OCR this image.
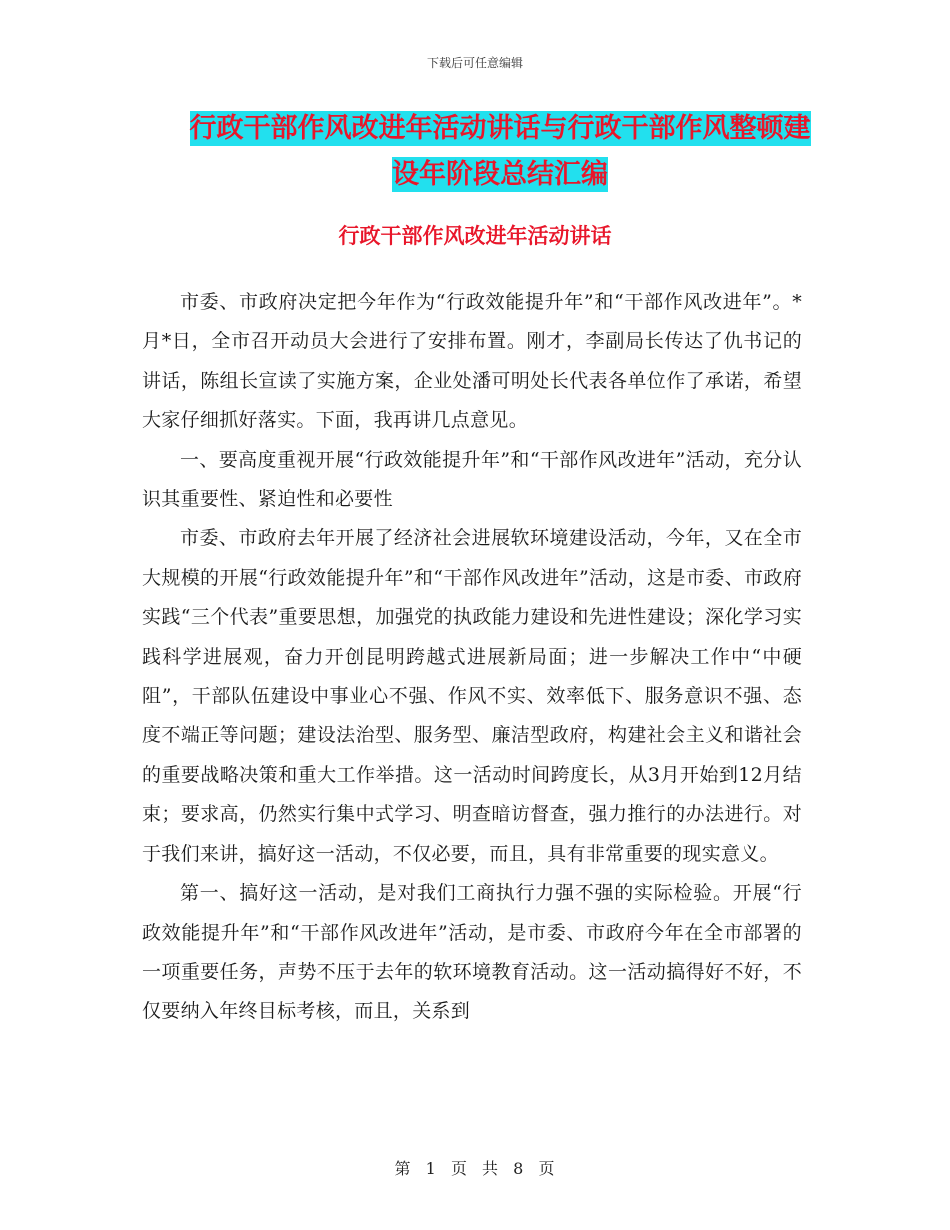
下载后可任意编辑
行政干部作风改进年活动讲话与行政干部作风整顿建
设年阶段总结汇编
行政干部作风改进年活动讲话

市委、市政府决定把今年作为“行政效能提升年”和“干部作风改进年”。*月*日，全市召开动员大会进行了安排布置。刚才，李副局长传达了仇书记的讲话，陈组长宣读了实施方案，企业处潘可明处长代表各单位作了承诺，希望大家仔细抓好落实。下面，我再讲几点意见。

一、要高度重视开展“行政效能提升年”和“干部作风改进年”活动，充分认识其重要性、紧迫性和必要性

市委、市政府去年开展了经济社会进展软环境建设活动，今年，又在全市大规模的开展“行政效能提升年”和“干部作风改进年”活动，这是市委、市政府实践“三个代表”重要思想，加强党的执政能力建设和先进性建设；深化学习实践科学进展观，奋力开创昆明跨越式进展新局面；进一步解决工作中“中硬阻”，干部队伍建设中事业心不强、作风不实、效率低下、服务意识不强、态度不端正等问题；建设法治型、服务型、廉洁型政府，构建社会主义和谐社会的重要战略决策和重大工作举措。这一活动时间跨度长，从3月开始到12月结束；要求高，仍然实行集中式学习、明查暗访督查，强力推行的办法进行。对于我们来讲，搞好这一活动，不仅必要，而且，具有非常重要的现实意义。

第一、搞好这一活动，是对我们工商执行力强不强的实际检验。开展“行政效能提升年”和“干部作风改进年”活动，是市委、市政府今年在全市部署的一项重要任务，声势不压于去年的软环境教育活动。这一活动搞得好不好，不仅要纳入年终目标考核，而且，关系到

第 1 页 共 8 页
